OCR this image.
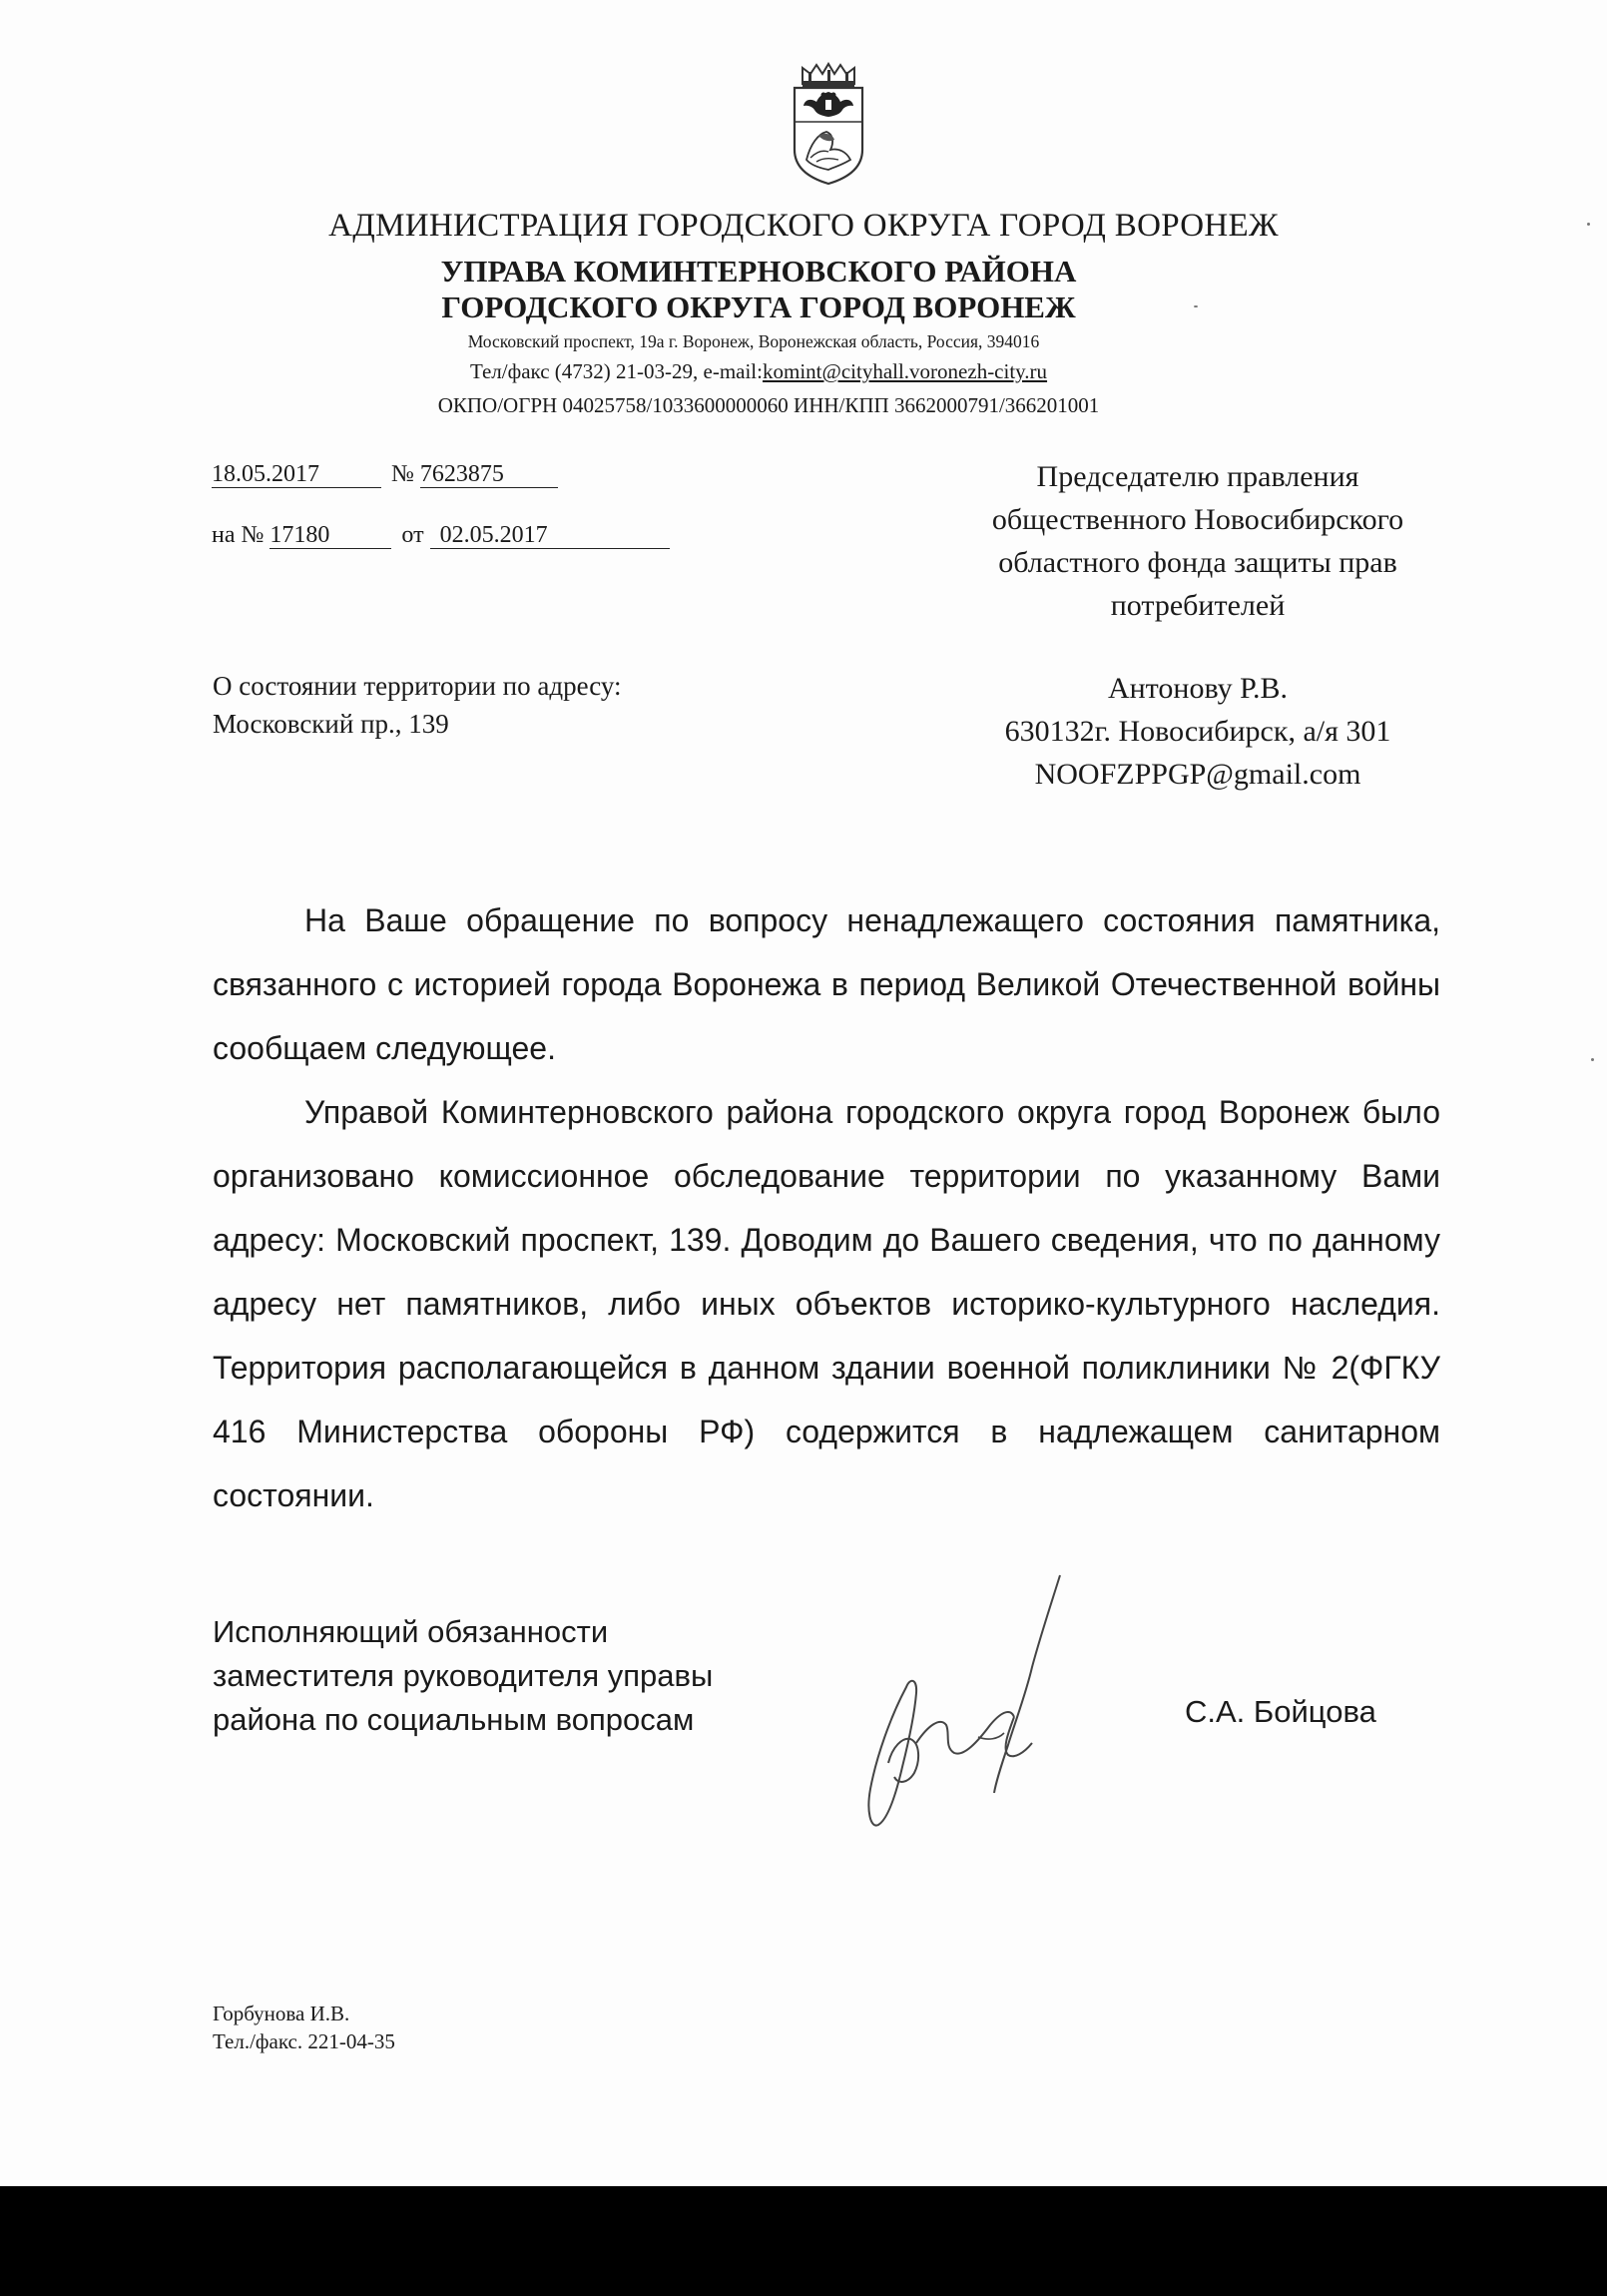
АДМИНИСТРАЦИЯ ГОРОДСКОГО ОКРУГА ГОРОД ВОРОНЕЖ
УПРАВА КОМИНТЕРНОВСКОГО РАЙОНА
ГОРОДСКОГО ОКРУГА ГОРОД ВОРОНЕЖ
Московский проспект, 19а г. Воронеж, Воронежская область, Россия, 394016
Тел/факс (4732) 21-03-29, e-mail:komint@cityhall.voronezh-city.ru
ОКПО/ОГРН 04025758/1033600000060 ИНН/КПП 3662000791/366201001
18.05.2017	№ 7623875
на № 17180	от 02.05.2017
О состоянии территории по адресу:
Московский пр., 139
Председателю правления
общественного Новосибирского
областного фонда защиты прав
потребителей
Антонову Р.В.
630132г. Новосибирск, а/я 301
NOOFZPPGP@gmail.com

На Ваше обращение по вопросу ненадлежащего состояния памятника, связанного с историей города Воронежа в период Великой Отечественной войны сообщаем следующее.

Управой Коминтерновского района городского округа город Воронеж было организовано комиссионное обследование территории по указанному Вами адресу: Московский проспект, 139. Доводим до Вашего сведения, что по данному адресу нет памятников, либо иных объектов историко-культурного наследия. Территория располагающейся в данном здании военной поликлиники № 2(ФГКУ 416 Министерства обороны РФ) содержится в надлежащем санитарном состоянии.

Исполняющий обязанности
заместителя руководителя управы
района по социальным вопросам	С.А. Бойцова
Горбунова И.В.
Тел./факс. 221-04-35
